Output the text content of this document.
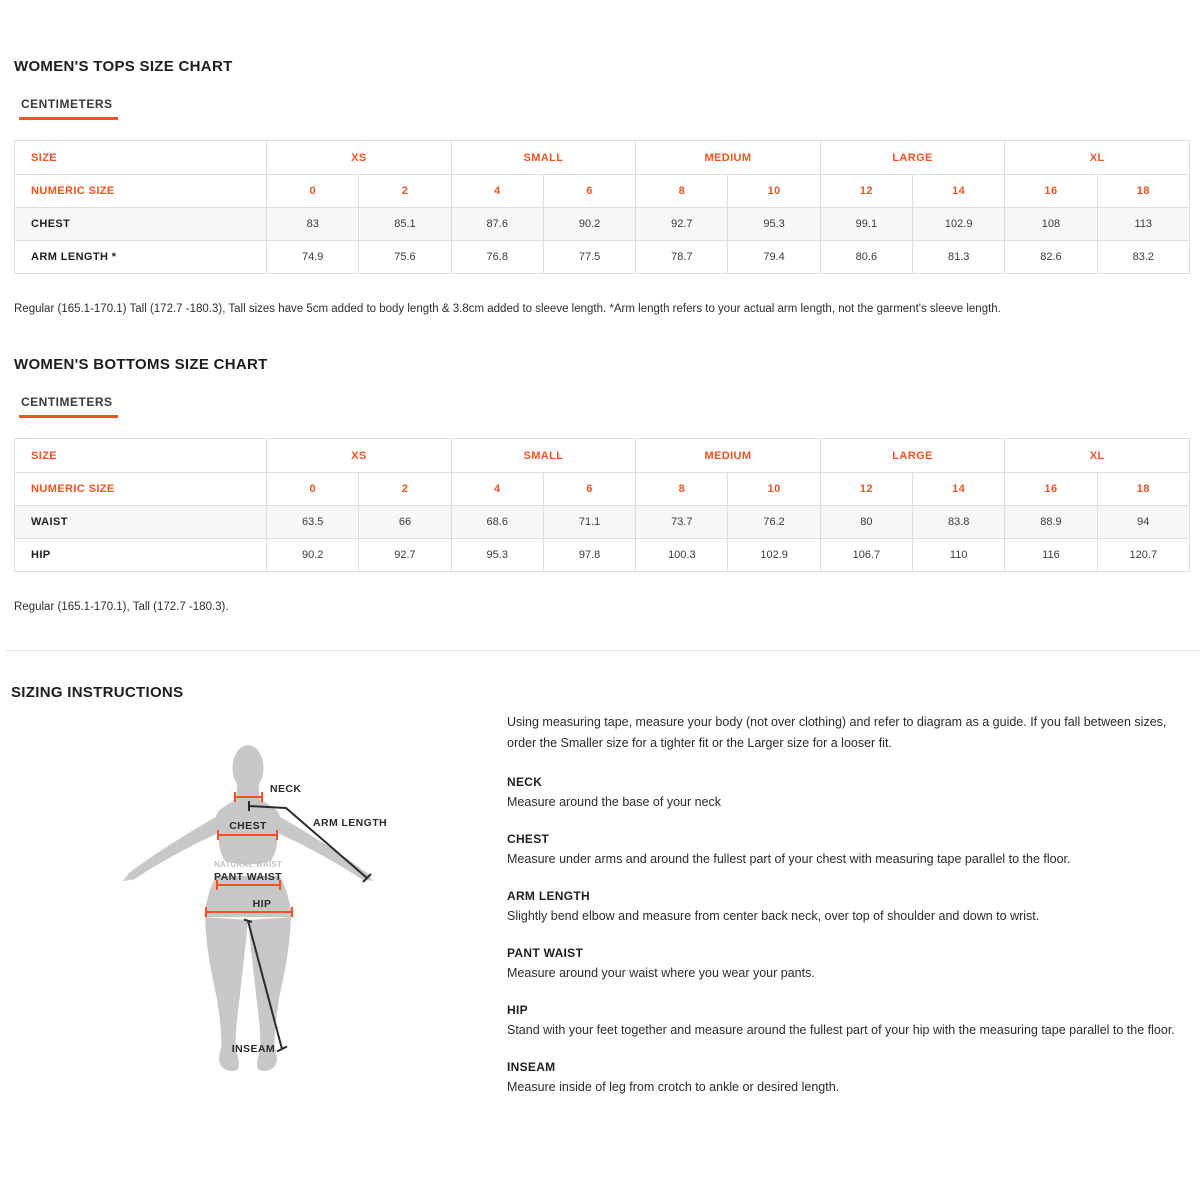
WOMEN'S TOPS SIZE CHART
CENTIMETERS
SIZE	XS		SMALL		MEDIUM		LARGE		XL	
NUMERIC SIZE	0	2	4	6	8	10	12	14	16	18
CHEST	83	85.1	87.6	90.2	92.7	95.3	99.1	102.9	108	113
ARM LENGTH *	74.9	75.6	76.8	77.5	78.7	79.4	80.6	81.3	82.6	83.2

Regular (165.1-170.1) Tall (172.7 -180.3), Tall sizes have 5cm added to body length & 3.8cm added to sleeve length. *Arm length refers to your actual arm length, not the garment's sleeve length.

WOMEN'S BOTTOMS SIZE CHART
CENTIMETERS
SIZE	XS		SMALL		MEDIUM		LARGE		XL	
NUMERIC SIZE	0	2	4	6	8	10	12	14	16	18
WAIST	63.5	66	68.6	71.1	73.7	76.2	80	83.8	88.9	94
HIP	90.2	92.7	95.3	97.8	100.3	102.9	106.7	110	116	120.7

Regular (165.1-170.1), Tall (172.7 -180.3).

SIZING INSTRUCTIONS
NECK
ARM LENGTH
CHEST
NATURAL WAIST
PANT WAIST
HIP
INSEAM

Using measuring tape, measure your body (not over clothing) and refer to diagram as a guide. If you fall between sizes, order the Smaller size for a tighter fit or the Larger size for a looser fit.

NECK

Measure around the base of your neck

CHEST

Measure under arms and around the fullest part of your chest with measuring tape parallel to the floor.

ARM LENGTH

Slightly bend elbow and measure from center back neck, over top of shoulder and down to wrist.

PANT WAIST

Measure around your waist where you wear your pants.

HIP

Stand with your feet together and measure around the fullest part of your hip with the measuring tape parallel to the floor.

INSEAM

Measure inside of leg from crotch to ankle or desired length.
